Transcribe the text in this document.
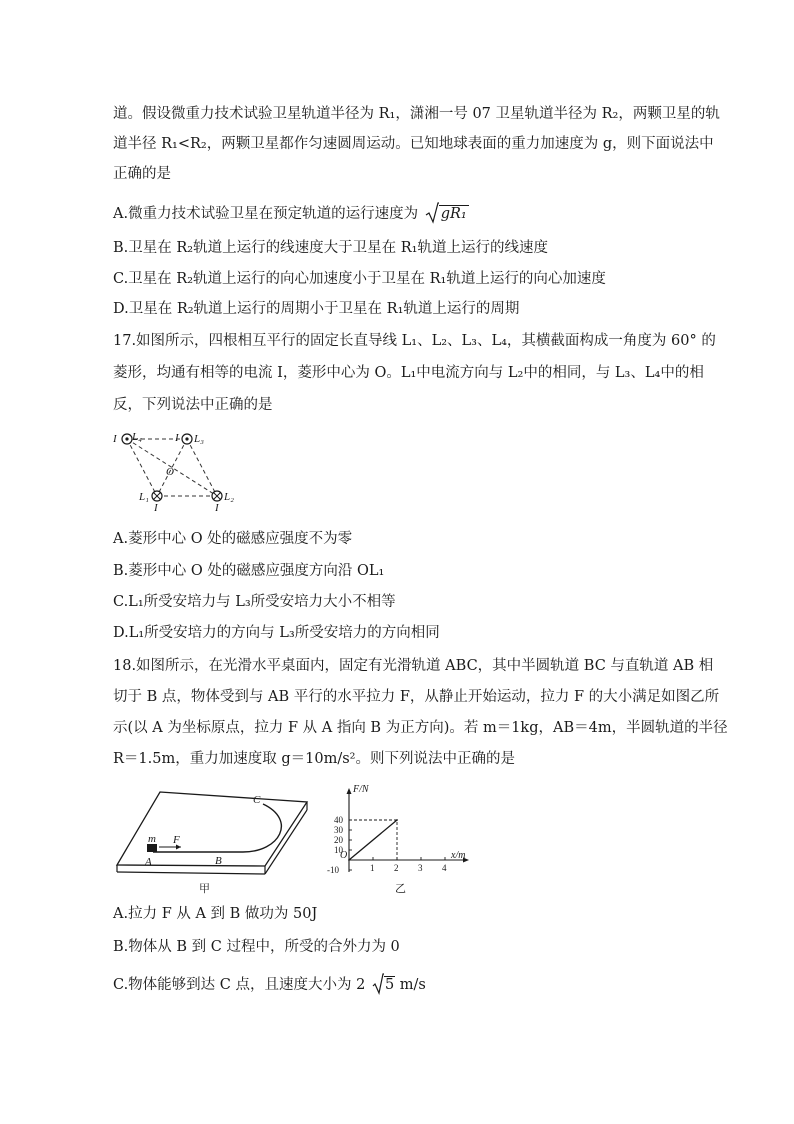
道。假设微重力技术试验卫星轨道半径为 R₁，潇湘一号 07 卫星轨道半径为 R₂，两颗卫星的轨
道半径 R₁<R₂，两颗卫星都作匀速圆周运动。已知地球表面的重力加速度为 g，则下面说法中
正确的是
A.微重力技术试验卫星在预定轨道的运行速度为 gR₁
B.卫星在 R₂轨道上运行的线速度大于卫星在 R₁轨道上运行的线速度
C.卫星在 R₂轨道上运行的向心加速度小于卫星在 R₁轨道上运行的向心加速度
D.卫星在 R₂轨道上运行的周期小于卫星在 R₁轨道上运行的周期
17.如图所示，四根相互平行的固定长直导线 L₁、L₂、L₃、L₄，其横截面构成一角度为 60° 的
菱形，均通有相等的电流 I，菱形中心为 O。L₁中电流方向与 L₂中的相同，与 L₃、L₄中的相
反，下列说法中正确的是
I L₄	I L₃
O
L₁	L₂
I	I
A.菱形中心 O 处的磁感应强度不为零
B.菱形中心 O 处的磁感应强度方向沿 OL₁
C.L₁所受安培力与 L₃所受安培力大小不相等
D.L₁所受安培力的方向与 L₃所受安培力的方向相同
18.如图所示，在光滑水平桌面内，固定有光滑轨道 ABC，其中半圆轨道 BC 与直轨道 AB 相
切于 B 点，物体受到与 AB 平行的水平拉力 F，从静止开始运动，拉力 F 的大小满足如图乙所
示(以 A 为坐标原点，拉力 F 从 A 指向 B 为正方向)。若 m＝1kg，AB＝4m，半圆轨道的半径
R＝1.5m，重力加速度取 g＝10m/s²。则下列说法中正确的是
C
m F
A	B
甲
F/N
x/m
O
乙
1 2 3 4
40
30
20
10
-10
A.拉力 F 从 A 到 B 做功为 50J
B.物体从 B 到 C 过程中，所受的合外力为 0
C.物体能够到达 C 点，且速度大小为 2 5 m/s
